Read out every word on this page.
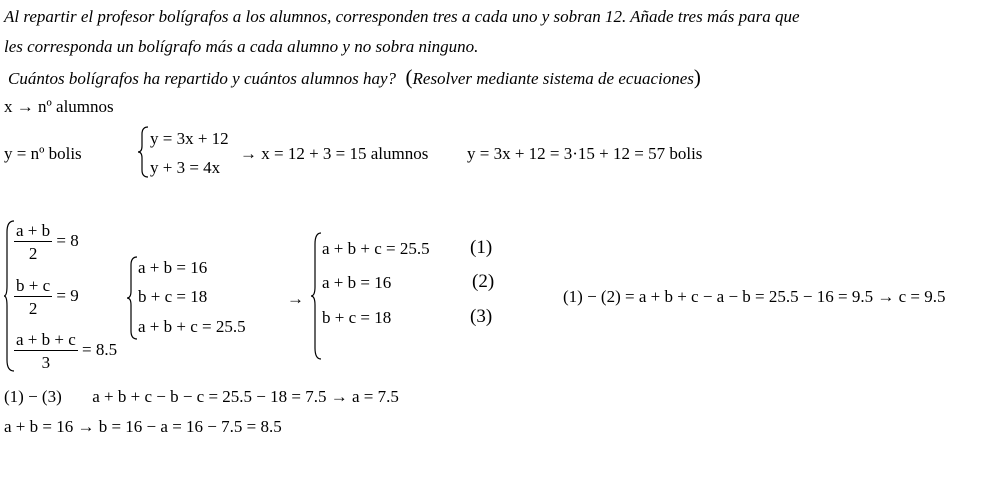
Al repartir el profesor bolígrafos a los alumnos, corresponden tres a cada uno y sobran 12. Añade tres más para que
les corresponda un bolígrafo más a cada alumno y no sobra ninguno.
Cuántos bolígrafos ha repartido y cuántos alumnos hay?  (Resolver mediante sistema de ecuaciones)
x → nº alumnos
y = nº bolis
y = 3x + 12
y + 3 = 4x
→ x = 12 + 3 = 15 alumnos y = 3x + 12 = 3·15 + 12 = 57 bolis
$\frac{a + b}{2} = 8$
$\frac{b + c}{2} = 9$
$\frac{a + b + c}{3} = 8.5$
a + b = 16
b + c = 18
a + b + c = 25.5
→
a + b + c = 25.5 (1)
a + b = 16	(2)
b + c = 18	(3)
(1) − (2) = a + b + c − a − b = 25.5 − 16 = 9.5 → c = 9.5
(1) − (3) a + b + c − b − c = 25.5 − 18 = 7.5 → a = 7.5
a + b = 16 → b = 16 − a = 16 − 7.5 = 8.5
